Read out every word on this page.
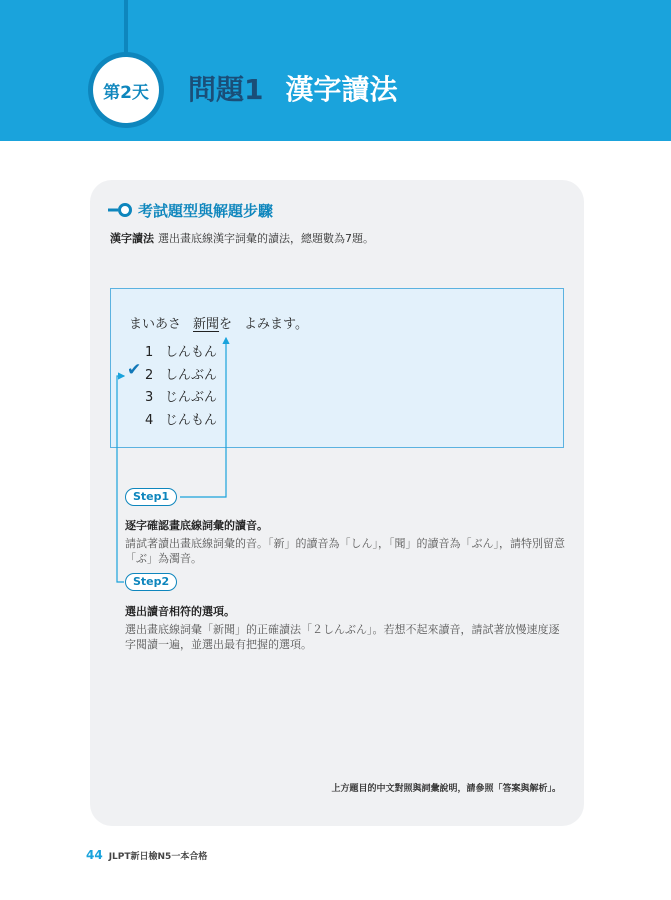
第2天 問題1 漢字讀法
考試題型與解題步驟
漢字讀法 選出畫底線漢字詞彙的讀法，總題數為7題。
まいあさ 新聞を よみます。
1 しんもん
2 しんぶん
3 じんぶん
4 じんもん
✔
Step1
逐字確認畫底線詞彙的讀音。
請試著讀出畫底線詞彙的音。「新」的讀音為「しん」，「聞」的讀音為「ぶん」，請特別留意「ぶ」為濁音。
Step2
選出讀音相符的選項。
選出畫底線詞彙「新聞」的正確讀法「２しんぶん」。若想不起來讀音，請試著放慢速度逐字閱讀一遍，並選出最有把握的選項。
上方題目的中文對照與詞彙說明，請參照「答案與解析」。
44 JLPT新日檢N5一本合格
